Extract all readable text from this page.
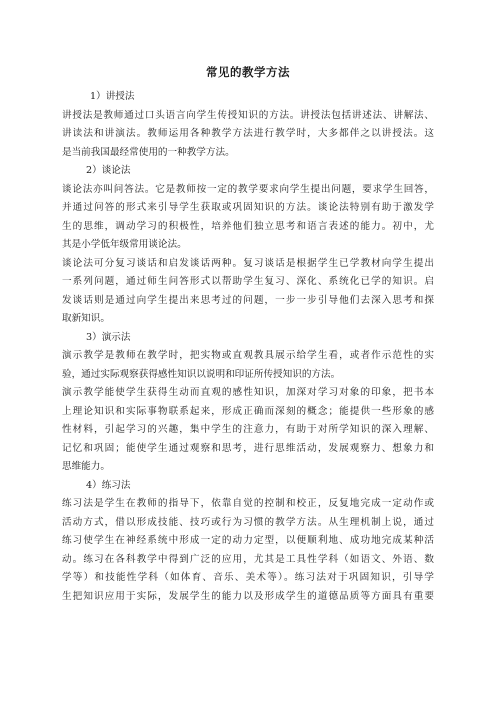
常见的教学方法

1）讲授法

讲授法是教师通过口头语言向学生传授知识的方法。讲授法包括讲述法、讲解法、

讲读法和讲演法。教师运用各种教学方法进行教学时，大多都伴之以讲授法。这

是当前我国最经常使用的一种教学方法。

2）谈论法

谈论法亦叫问答法。它是教师按一定的教学要求向学生提出问题，要求学生回答，

并通过问答的形式来引导学生获取或巩固知识的方法。谈论法特别有助于激发学

生的思维，调动学习的积极性，培养他们独立思考和语言表述的能力。初中，尤

其是小学低年级常用谈论法。

谈论法可分复习谈话和启发谈话两种。复习谈话是根据学生已学教材向学生提出

一系列问题，通过师生问答形式以帮助学生复习、深化、系统化已学的知识。启

发谈话则是通过向学生提出来思考过的问题，一步一步引导他们去深入思考和探

取新知识。

3）演示法

演示教学是教师在教学时，把实物或直观教具展示给学生看，或者作示范性的实

验，通过实际观察获得感性知识以说明和印证所传授知识的方法。

演示教学能使学生获得生动而直观的感性知识，加深对学习对象的印象，把书本

上理论知识和实际事物联系起来，形成正确而深刻的概念；能提供一些形象的感

性材料，引起学习的兴趣，集中学生的注意力，有助于对所学知识的深入理解、

记忆和巩固；能使学生通过观察和思考，进行思维活动，发展观察力、想象力和

思维能力。

4）练习法

练习法是学生在教师的指导下，依靠自觉的控制和校正，反复地完成一定动作或

活动方式，借以形成技能、技巧或行为习惯的教学方法。从生理机制上说，通过

练习使学生在神经系统中形成一定的动力定型，以便顺利地、成功地完成某种活

动。练习在各科教学中得到广泛的应用，尤其是工具性学科（如语文、外语、数

学等）和技能性学科（如体育、音乐、美术等）。练习法对于巩固知识，引导学

生把知识应用于实际，发展学生的能力以及形成学生的道德品质等方面具有重要
